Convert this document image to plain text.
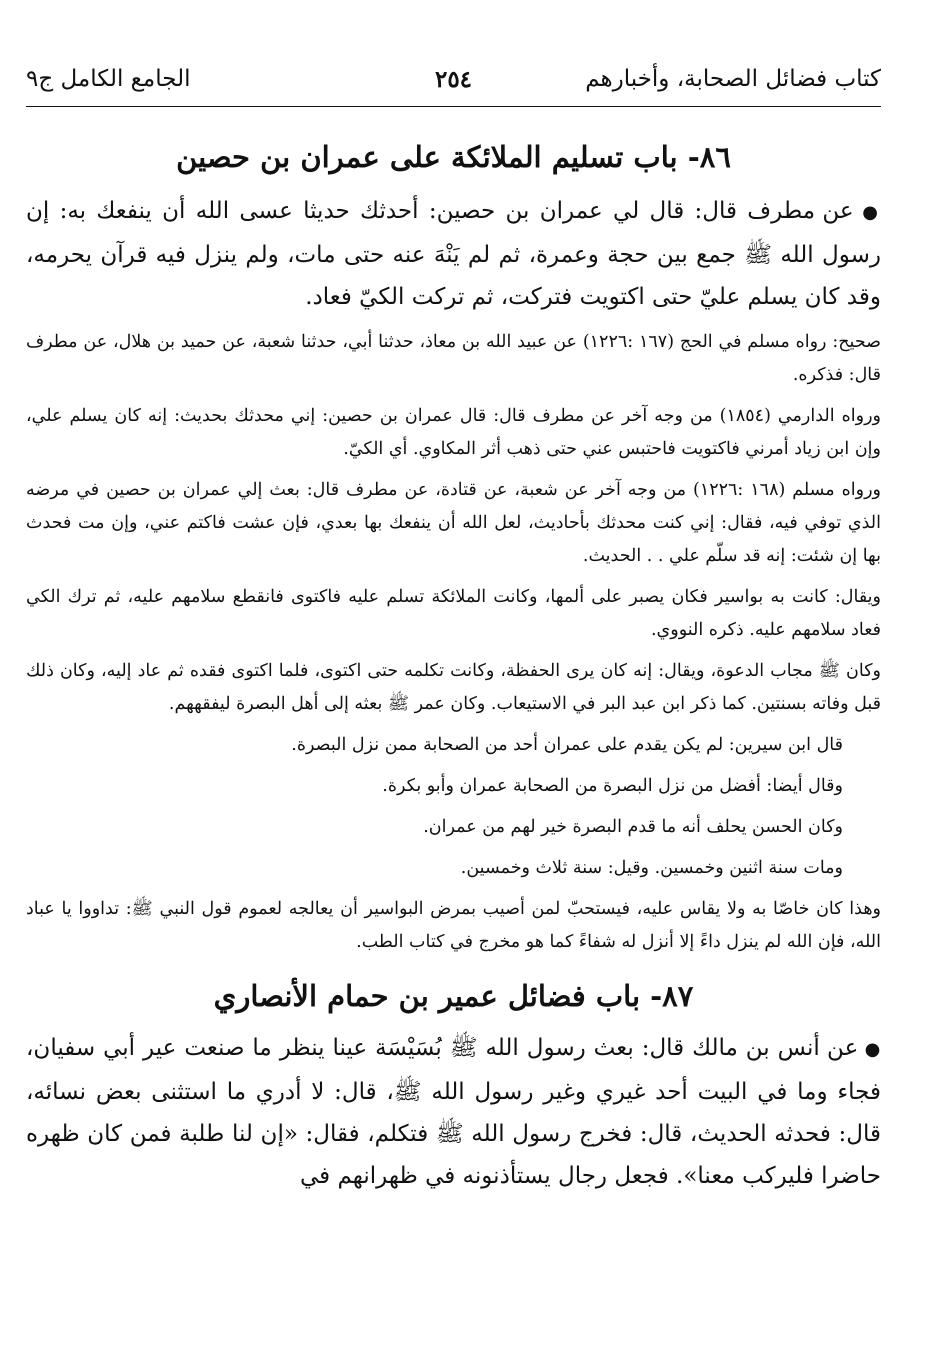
كتاب فضائل الصحابة، وأخبارهم
٢٥٤
الجامع الكامل ج٩
٨٦- باب تسليم الملائكة على عمران بن حصين

● عن مطرف قال: قال لي عمران بن حصين: أحدثك حديثا عسى الله أن ينفعك به: إن رسول الله ﷺ جمع بين حجة وعمرة، ثم لم يَنْهَ عنه حتى مات، ولم ينزل فيه قرآن يحرمه، وقد كان يسلم عليّ حتى اكتويت فتركت، ثم تركت الكيّ فعاد.

صحيح: رواه مسلم في الحج (١٦٧ :١٢٢٦) عن عبيد الله بن معاذ، حدثنا أبي، حدثنا شعبة، عن حميد بن هلال، عن مطرف قال: فذكره.

ورواه الدارمي (١٨٥٤) من وجه آخر عن مطرف قال: قال عمران بن حصين: إني محدثك بحديث: إنه كان يسلم علي، وإن ابن زياد أمرني فاكتويت فاحتبس عني حتى ذهب أثر المكاوي. أي الكيّ.

ورواه مسلم (١٦٨ :١٢٢٦) من وجه آخر عن شعبة، عن قتادة، عن مطرف قال: بعث إلي عمران بن حصين في مرضه الذي توفي فيه، فقال: إني كنت محدثك بأحاديث، لعل الله أن ينفعك بها بعدي، فإن عشت فاكتم عني، وإن مت فحدث بها إن شئت: إنه قد سلّم علي . . الحديث.

ويقال: كانت به بواسير فكان يصبر على ألمها، وكانت الملائكة تسلم عليه فاكتوى فانقطع سلامهم عليه، ثم ترك الكي فعاد سلامهم عليه. ذكره النووي.

وكان ﷺ مجاب الدعوة، ويقال: إنه كان يرى الحفظة، وكانت تكلمه حتى اكتوى، فلما اكتوى فقده ثم عاد إليه، وكان ذلك قبل وفاته بسنتين. كما ذكر ابن عبد البر في الاستيعاب. وكان عمر ﷺ بعثه إلى أهل البصرة ليفقههم.

قال ابن سيرين: لم يكن يقدم على عمران أحد من الصحابة ممن نزل البصرة.

وقال أيضا: أفضل من نزل البصرة من الصحابة عمران وأبو بكرة.

وكان الحسن يحلف أنه ما قدم البصرة خير لهم من عمران.

ومات سنة اثنين وخمسين. وقيل: سنة ثلاث وخمسين.

وهذا كان خاصّا به ولا يقاس عليه، فيستحبّ لمن أصيب بمرض البواسير أن يعالجه لعموم قول النبي ﷺ: تداووا يا عباد الله، فإن الله لم ينزل داءً إلا أنزل له شفاءً كما هو مخرج في كتاب الطب.

٨٧- باب فضائل عمير بن حمام الأنصاري

● عن أنس بن مالك قال: بعث رسول الله ﷺ بُسَيْسَة عينا ينظر ما صنعت عير أبي سفيان، فجاء وما في البيت أحد غيري وغير رسول الله ﷺ، قال: لا أدري ما استثنى بعض نسائه، قال: فحدثه الحديث، قال: فخرج رسول الله ﷺ فتكلم، فقال: «إن لنا طلبة فمن كان ظهره حاضرا فليركب معنا». فجعل رجال يستأذنونه في ظهرانهم في
